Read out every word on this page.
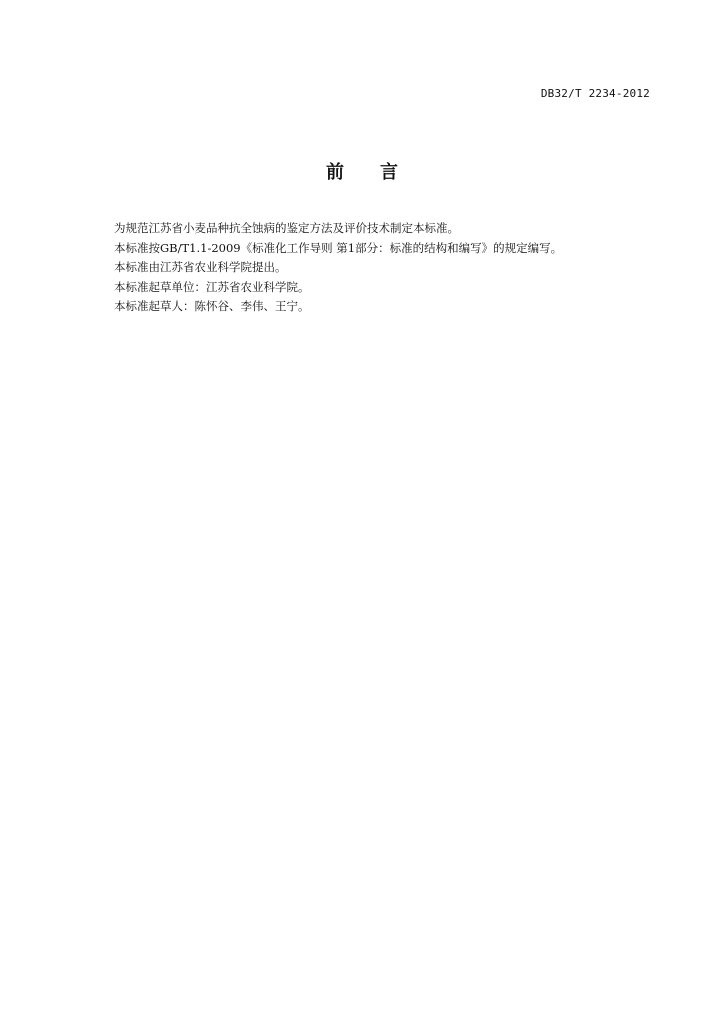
DB32/T 2234-2012
前 言
为规范江苏省小麦品种抗全蚀病的鉴定方法及评价技术制定本标准。
本标准按GB/T1.1-2009《标准化工作导则 第1部分：标准的结构和编写》的规定编写。
本标准由江苏省农业科学院提出。
本标准起草单位：江苏省农业科学院。
本标准起草人：陈怀谷、李伟、王宁。
